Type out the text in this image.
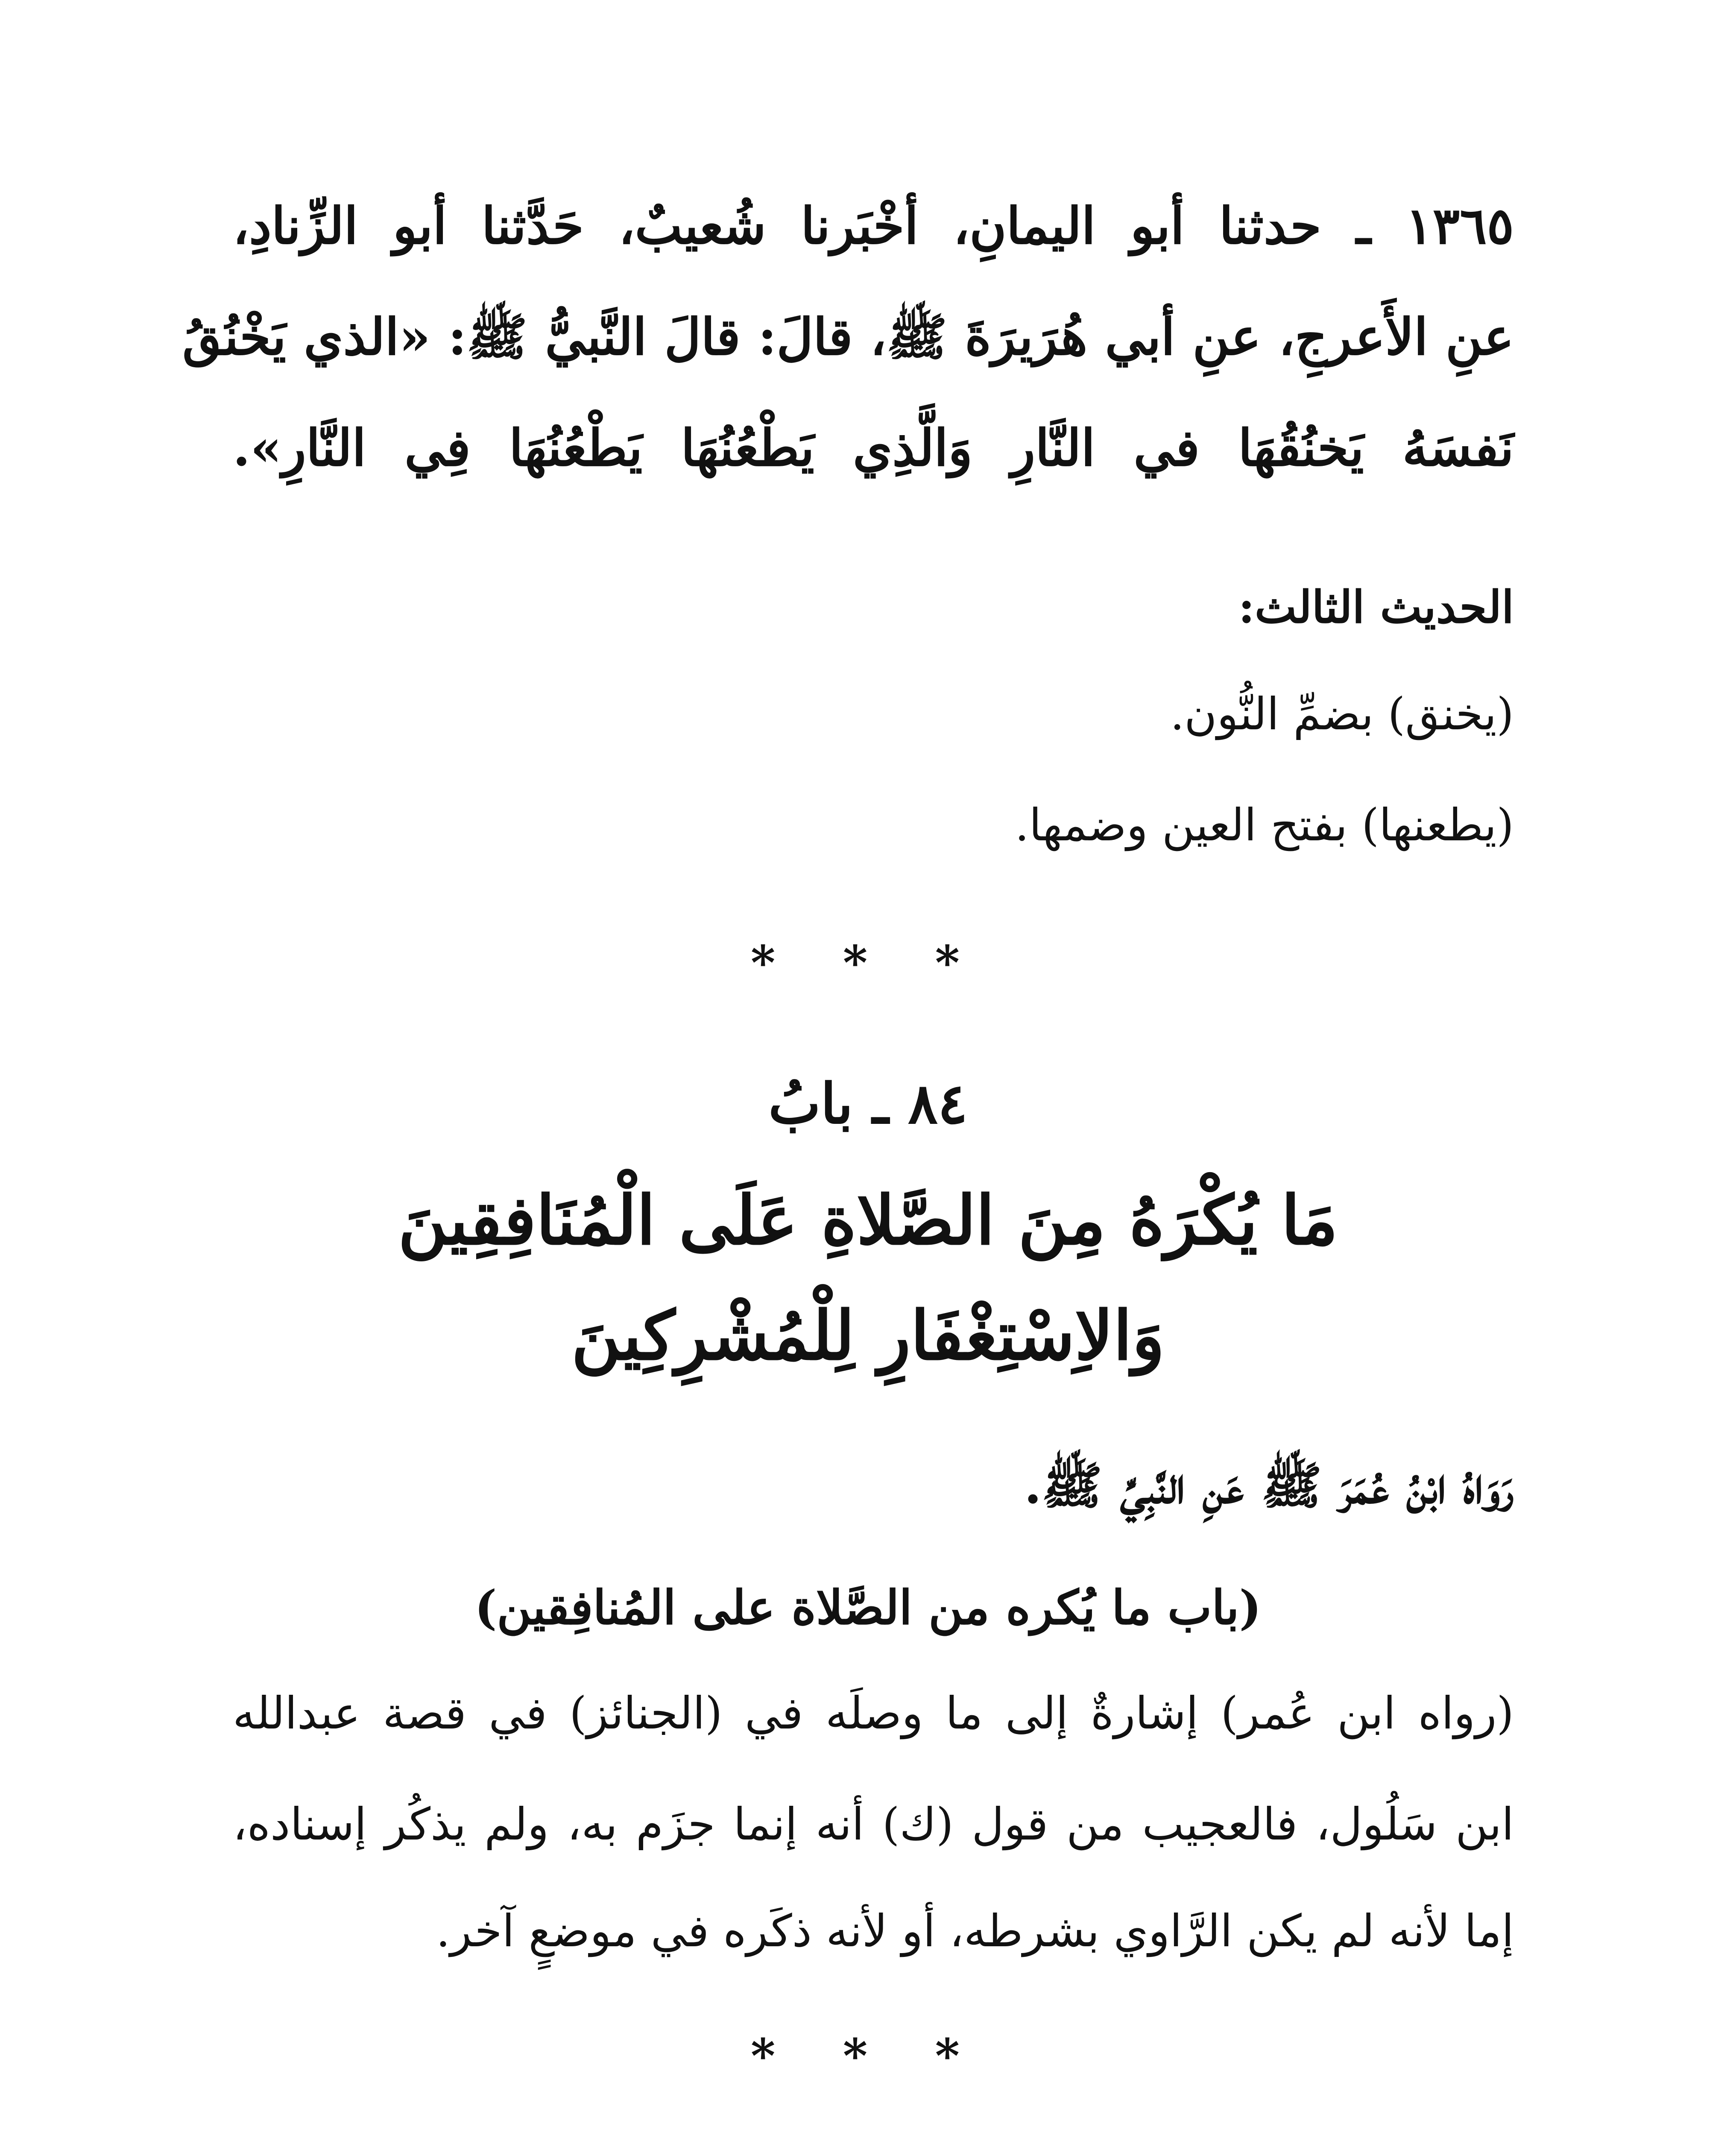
١٣٦٥ ـ حدثنا أبو اليمانِ، أخْبَرنا شُعيبٌ، حَدَّثنا أبو الزِّنادِ،
عنِ الأَعرجِ، عنِ أبي هُرَيرَةَ ﷺ، قالَ: قالَ النَّبيُّ ﷺ: «الذي يَخْنُقُ
نَفسَهُ يَخنُقُهَا في النَّارِ وَالَّذِي يَطْعُنُهَا يَطْعُنُهَا فِي النَّارِ».
الحديث الثالث:
(يخنق) بضمِّ النُّون.
(يطعنها) بفتح العين وضمها.
* * *
٨٤ ـ بابُ
مَا يُكْرَهُ مِنَ الصَّلاةِ عَلَى الْمُنَافِقِينَ
وَالاِسْتِغْفَارِ لِلْمُشْرِكِينَ
رَوَاهُ ابْنُ عُمَرَ ﷺ عَنِ النَّبِيِّ ﷺ.
(باب ما يُكره من الصَّلاة على المُنافِقين)
(رواه ابن عُمر) إشارةٌ إلى ما وصلَه في (الجنائز) في قصة عبدالله
ابن سَلُول، فالعجيب من قول (ك) أنه إنما جزَم به، ولم يذكُر إسناده،
إما لأنه لم يكن الرَّاوي بشرطه، أو لأنه ذكَره في موضعٍ آخر.
* * *
